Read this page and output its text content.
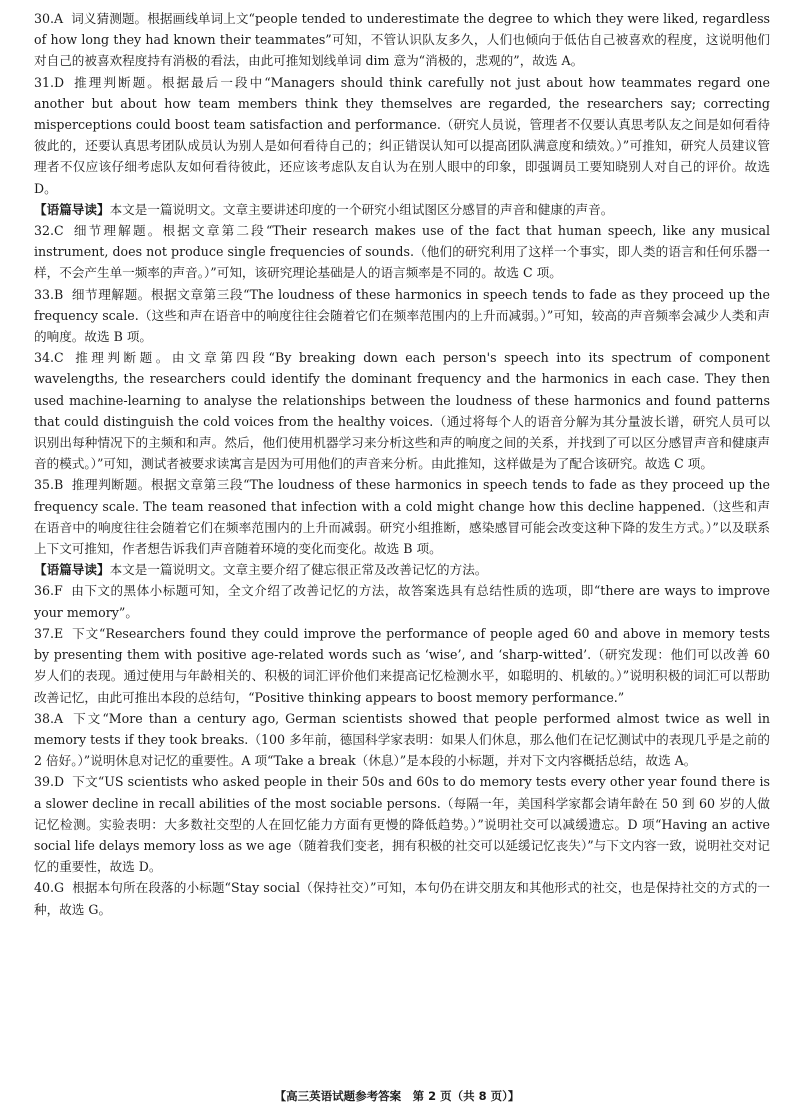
30.A 词义猜测题。根据画线单词上文“people tended to underestimate the degree to which they were liked, regardless of how long they had known their teammates”可知，不管认识队友多久，人们也倾向于低估自己被喜欢的程度，这说明他们对自己的被喜欢程度持有消极的看法，由此可推知划线单词 dim 意为“消极的，悲观的”，故选 A。

31.D 推理判断题。根据最后一段中“Managers should think carefully not just about how teammates regard one another but about how team members think they themselves are regarded, the researchers say; correcting misperceptions could boost team satisfaction and performance.（研究人员说，管理者不仅要认真思考队友之间是如何看待彼此的，还要认真思考团队成员认为别人是如何看待自己的；纠正错误认知可以提高团队满意度和绩效。）”可推知，研究人员建议管理者不仅应该仔细考虑队友如何看待彼此，还应该考虑队友自认为在别人眼中的印象，即强调员工要知晓别人对自己的评价。故选 D。

【语篇导读】本文是一篇说明文。文章主要讲述印度的一个研究小组试图区分感冒的声音和健康的声音。

32.C 细节理解题。根据文章第二段“Their research makes use of the fact that human speech, like any musical instrument, does not produce single frequencies of sounds.（他们的研究利用了这样一个事实，即人类的语言和任何乐器一样，不会产生单一频率的声音。）”可知，该研究理论基础是人的语言频率是不同的。故选 C 项。

33.B 细节理解题。根据文章第三段“The loudness of these harmonics in speech tends to fade as they proceed up the frequency scale.（这些和声在语音中的响度往往会随着它们在频率范围内的上升而减弱。）”可知，较高的声音频率会减少人类和声的响度。故选 B 项。

34.C 推理判断题。由文章第四段“By breaking down each person's speech into its spectrum of component wavelengths, the researchers could identify the dominant frequency and the harmonics in each case. They then used machine-learning to analyse the relationships between the loudness of these harmonics and found patterns that could distinguish the cold voices from the healthy voices.（通过将每个人的语音分解为其分量波长谱，研究人员可以识别出每种情况下的主频和和声。然后，他们使用机器学习来分析这些和声的响度之间的关系，并找到了可以区分感冒声音和健康声音的模式。）”可知，测试者被要求读寓言是因为可用他们的声音来分析。由此推知，这样做是为了配合该研究。故选 C 项。

35.B 推理判断题。根据文章第三段“The loudness of these harmonics in speech tends to fade as they proceed up the frequency scale. The team reasoned that infection with a cold might change how this decline happened.（这些和声在语音中的响度往往会随着它们在频率范围内的上升而减弱。研究小组推断，感染感冒可能会改变这种下降的发生方式。）”以及联系上下文可推知，作者想告诉我们声音随着环境的变化而变化。故选 B 项。

【语篇导读】本文是一篇说明文。文章主要介绍了健忘很正常及改善记忆的方法。

36.F 由下文的黑体小标题可知，全文介绍了改善记忆的方法，故答案选具有总结性质的选项，即“there are ways to improve your memory”。

37.E 下文“Researchers found they could improve the performance of people aged 60 and above in memory tests by presenting them with positive age-related words such as ‘wise’, and ‘sharp-witted’.（研究发现：他们可以改善 60 岁人们的表现。通过使用与年龄相关的、积极的词汇评价他们来提高记忆检测水平，如聪明的、机敏的。）”说明积极的词汇可以帮助改善记忆，由此可推出本段的总结句，“Positive thinking appears to boost memory performance.”

38.A 下文“More than a century ago, German scientists showed that people performed almost twice as well in memory tests if they took breaks.（100 多年前，德国科学家表明：如果人们休息，那么他们在记忆测试中的表现几乎是之前的 2 倍好。）”说明休息对记忆的重要性。A 项“Take a break（休息）”是本段的小标题，并对下文内容概括总结，故选 A。

39.D 下文“US scientists who asked people in their 50s and 60s to do memory tests every other year found there is a slower decline in recall abilities of the most sociable persons.（每隔一年，美国科学家都会请年龄在 50 到 60 岁的人做记忆检测。实验表明：大多数社交型的人在回忆能力方面有更慢的降低趋势。）”说明社交可以减缓遗忘。D 项“Having an active social life delays memory loss as we age（随着我们变老，拥有积极的社交可以延缓记忆丧失）”与下文内容一致，说明社交对记忆的重要性，故选 D。

40.G 根据本句所在段落的小标题“Stay social（保持社交）”可知，本句仍在讲交朋友和其他形式的社交，也是保持社交的方式的一种，故选 G。

【高三英语试题参考答案　第 2 页（共 8 页）】
